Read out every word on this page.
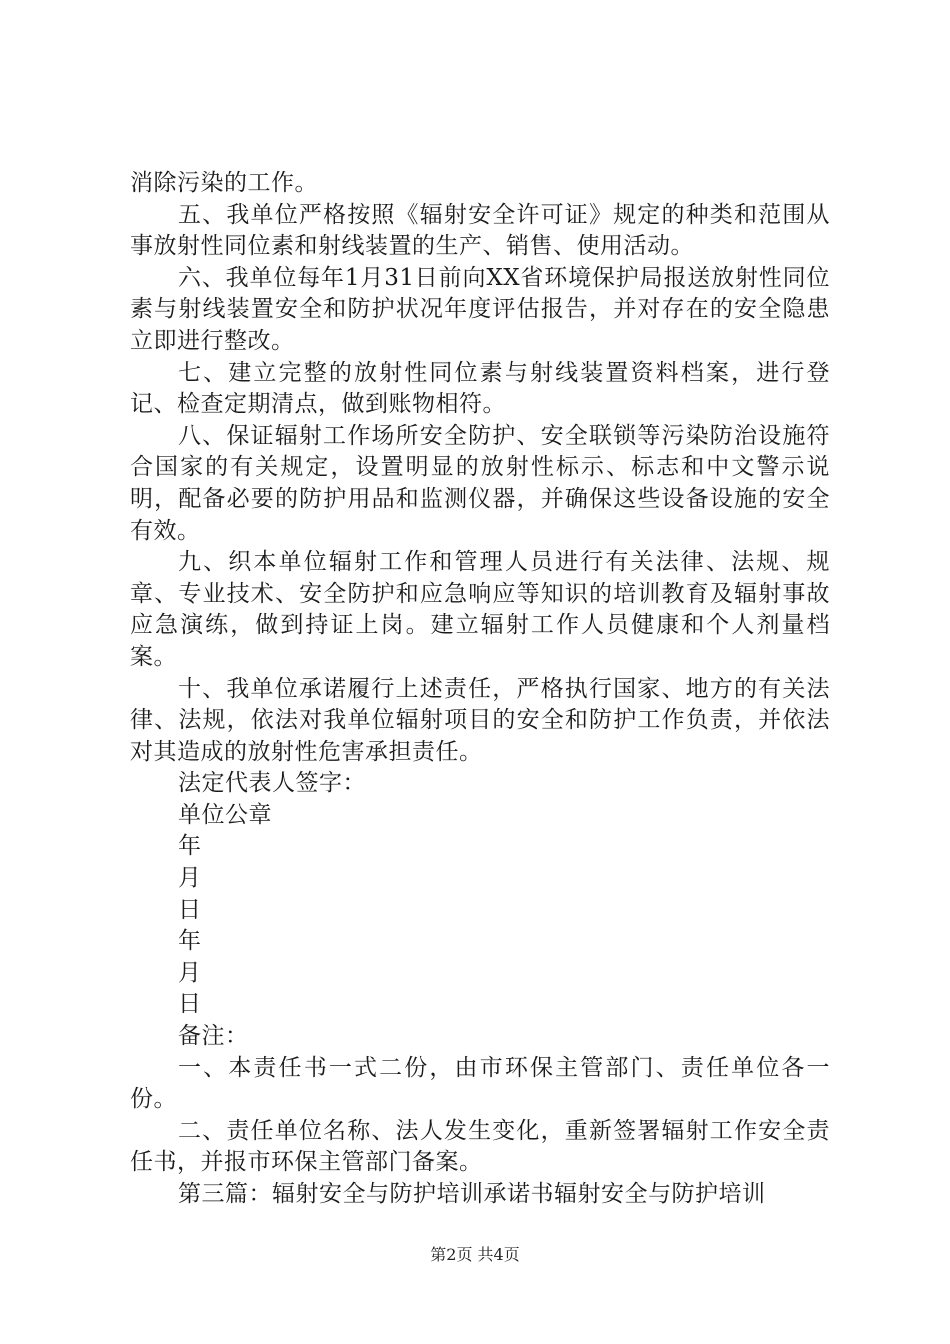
消除污染的工作。

五、我单位严格按照《辐射安全许可证》规定的种类和范围从事放射性同位素和射线装置的生产、销售、使用活动。

六、我单位每年1月31日前向XX省环境保护局报送放射性同位素与射线装置安全和防护状况年度评估报告，并对存在的安全隐患立即进行整改。

七、建立完整的放射性同位素与射线装置资料档案，进行登记、检查定期清点，做到账物相符。

八、保证辐射工作场所安全防护、安全联锁等污染防治设施符合国家的有关规定，设置明显的放射性标示、标志和中文警示说明，配备必要的防护用品和监测仪器，并确保这些设备设施的安全有效。

九、织本单位辐射工作和管理人员进行有关法律、法规、规章、专业技术、安全防护和应急响应等知识的培训教育及辐射事故应急演练，做到持证上岗。建立辐射工作人员健康和个人剂量档案。

十、我单位承诺履行上述责任，严格执行国家、地方的有关法律、法规，依法对我单位辐射项目的安全和防护工作负责，并依法对其造成的放射性危害承担责任。

法定代表人签字：

单位公章

年

月

日

年

月

日

备注：

一、本责任书一式二份，由市环保主管部门、责任单位各一份。

二、责任单位名称、法人发生变化，重新签署辐射工作安全责任书，并报市环保主管部门备案。

第三篇：辐射安全与防护培训承诺书辐射安全与防护培训

第2页 共4页
